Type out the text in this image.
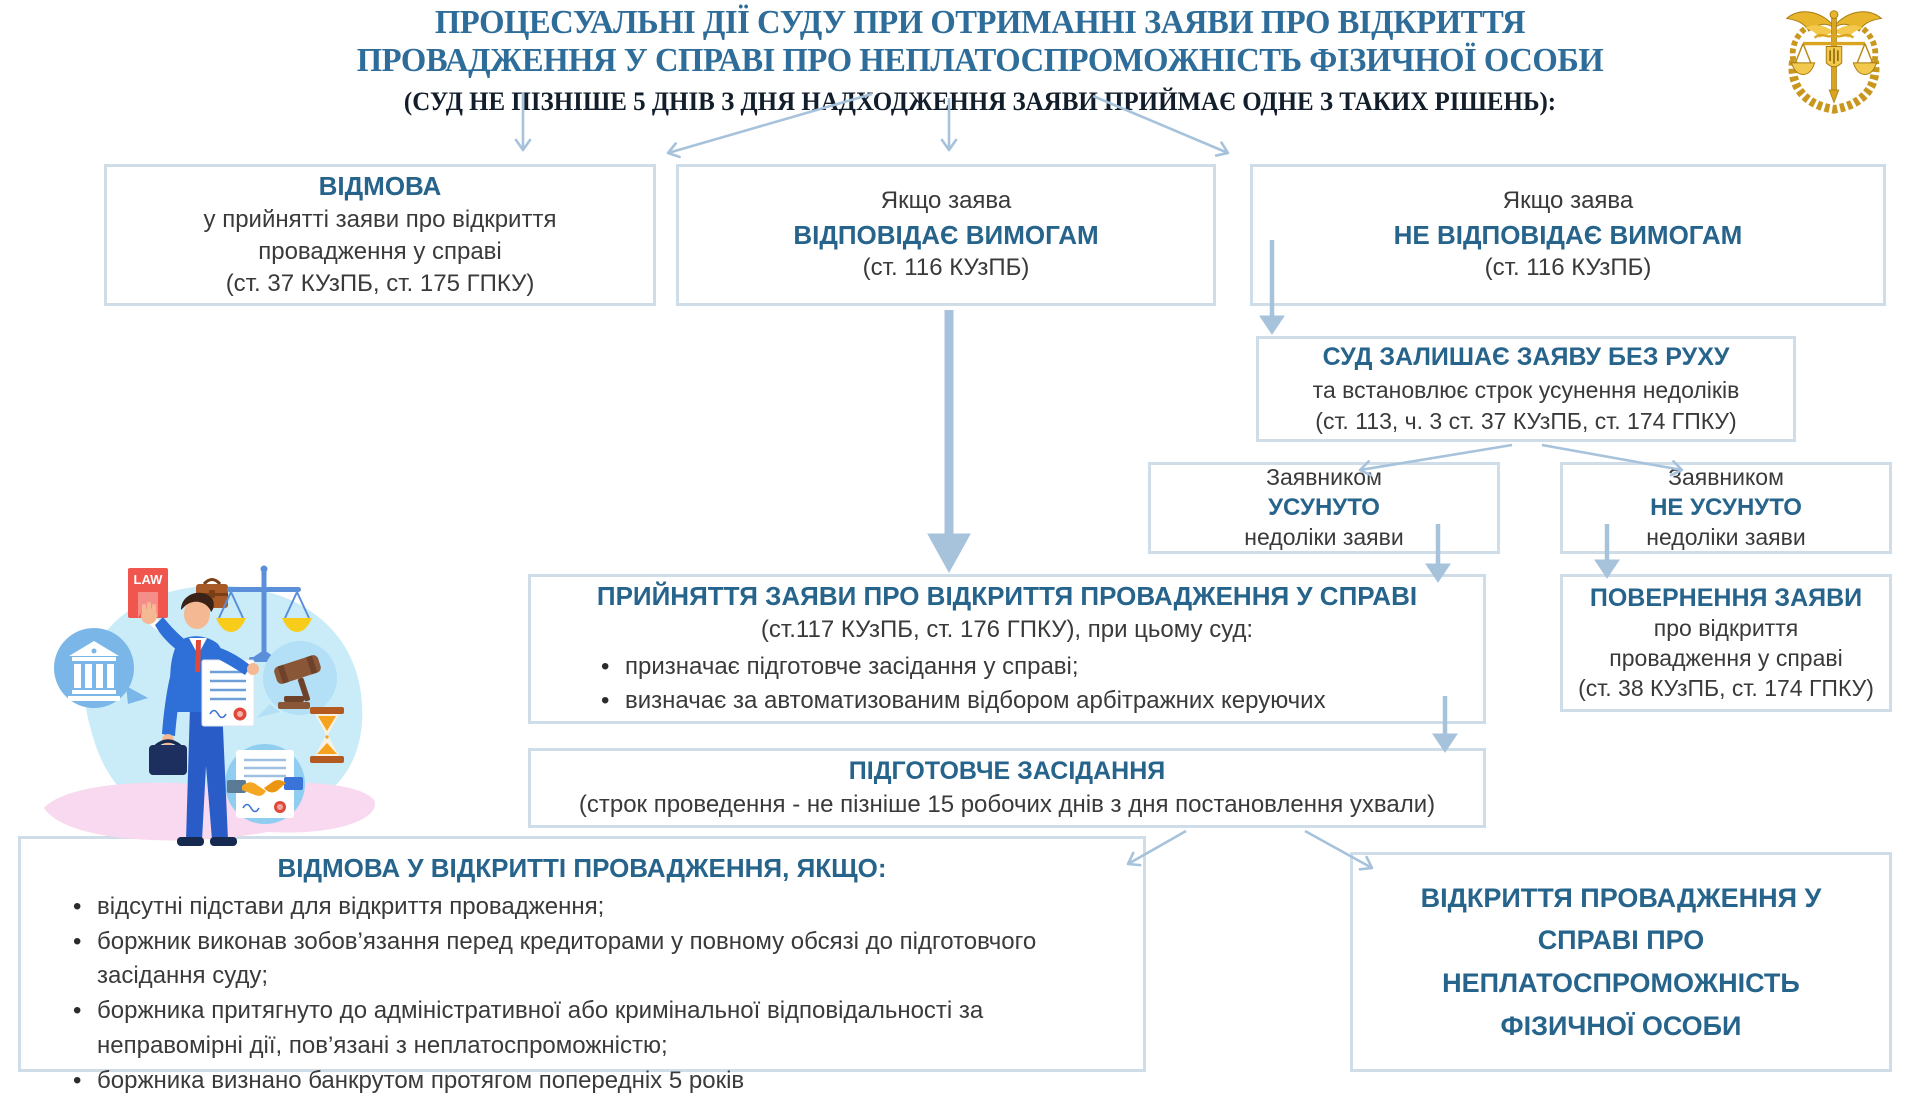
ПРОЦЕСУАЛЬНІ ДІЇ СУДУ ПРИ ОТРИМАННІ ЗАЯВИ ПРО ВІДКРИТТЯ
ПРОВАДЖЕННЯ У СПРАВІ ПРО НЕПЛАТОСПРОМОЖНІСТЬ ФІЗИЧНОЇ ОСОБИ
(СУД НЕ ПІЗНІШЕ 5 ДНІВ З ДНЯ НАДХОДЖЕННЯ ЗАЯВИ ПРИЙМАЄ ОДНЕ З ТАКИХ РІШЕНЬ):
ВІДМОВА
у прийнятті заяви про відкриття
провадження у справі
(ст. 37 КУзПБ, ст. 175 ГПКУ)
Якщо заява
ВІДПОВІДАЄ ВИМОГАМ
(ст. 116 КУзПБ)
Якщо заява
НЕ ВІДПОВІДАЄ ВИМОГАМ
(ст. 116 КУзПБ)
СУД ЗАЛИШАЄ ЗАЯВУ БЕЗ РУХУ
та встановлює строк усунення недоліків
(ст. 113, ч. 3 ст. 37 КУзПБ, ст. 174 ГПКУ)
Заявником
УСУНУТО
недоліки заяви
Заявником
НЕ УСУНУТО
недоліки заяви
ПРИЙНЯТТЯ ЗАЯВИ ПРО ВІДКРИТТЯ ПРОВАДЖЕННЯ У СПРАВІ
(ст.117 КУзПБ, ст. 176 ГПКУ), при цьому суд:
• призначає підготовче засідання у справі;
• визначає за автоматизованим відбором арбітражних керуючих
ПОВЕРНЕННЯ ЗАЯВИ
про відкриття
провадження у справі
(ст. 38 КУзПБ, ст. 174 ГПКУ)
ПІДГОТОВЧЕ ЗАСІДАННЯ
(строк проведення - не пізніше 15 робочих днів з дня постановлення ухвали)
ВІДМОВА У ВІДКРИТТІ ПРОВАДЖЕННЯ, ЯКЩО:
• відсутні підстави для відкриття провадження;
• боржник виконав зобов’язання перед кредиторами у повному обсязі до підготовчого засідання суду;
• боржника притягнуто до адміністративної або кримінальної відповідальності за неправомірні дії, пов’язані з неплатоспроможністю;
• боржника визнано банкрутом протягом попередніх 5 років
ВІДКРИТТЯ ПРОВАДЖЕННЯ У
СПРАВІ ПРО
НЕПЛАТОСПРОМОЖНІСТЬ
ФІЗИЧНОЇ ОСОБИ
LAW
